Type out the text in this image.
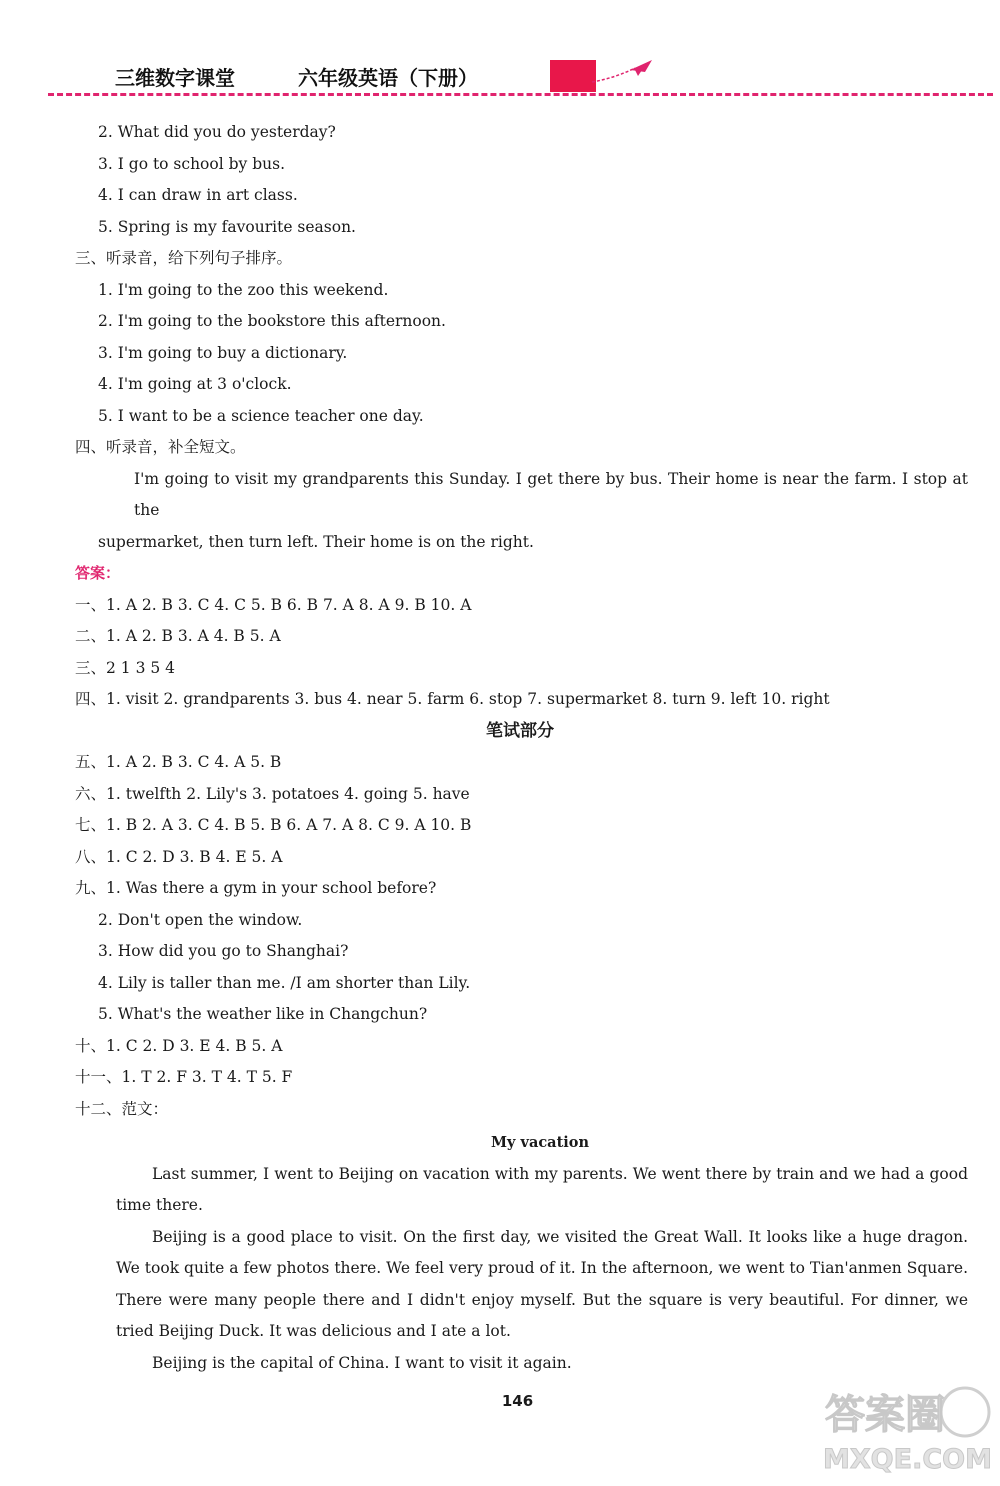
三维数字课堂	六年级英语（下册）
2. What did you do yesterday?
3. I go to school by bus.
4. I can draw in art class.
5. Spring is my favourite season.
三、听录音，给下列句子排序。
1. I'm going to the zoo this weekend.
2. I'm going to the bookstore this afternoon.
3. I'm going to buy a dictionary.
4. I'm going at 3 o'clock.
5. I want to be a science teacher one day.
四、听录音，补全短文。
I'm going to visit my grandparents this Sunday. I get there by bus. Their home is near the farm. I stop at the
supermarket, then turn left. Their home is on the right.
答案：
一、1. A 2. B 3. C 4. C 5. B 6. B 7. A 8. A 9. B 10. A
二、1. A 2. B 3. A 4. B 5. A
三、2 1 3 5 4
四、1. visit 2. grandparents 3. bus 4. near 5. farm 6. stop 7. supermarket 8. turn 9. left 10. right
笔试部分
五、1. A 2. B 3. C 4. A 5. B
六、1. twelfth 2. Lily's 3. potatoes 4. going 5. have
七、1. B 2. A 3. C 4. B 5. B 6. A 7. A 8. C 9. A 10. B
八、1. C 2. D 3. B 4. E 5. A
九、1. Was there a gym in your school before?
2. Don't open the window.
3. How did you go to Shanghai?
4. Lily is taller than me. /I am shorter than Lily.
5. What's the weather like in Changchun?
十、1. C 2. D 3. E 4. B 5. A
十一、1. T 2. F 3. T 4. T 5. F
十二、范文：
My vacation
Last summer, I went to Beijing on vacation with my parents. We went there by train and we had a good time there.
Beijing is a good place to visit. On the first day, we visited the Great Wall. It looks like a huge dragon. We took quite a few photos there. We feel very proud of it. In the afternoon, we went to Tian'anmen Square. There were many people there and I didn't enjoy myself. But the square is very beautiful. For dinner, we tried Beijing Duck. It was delicious and I ate a lot.
Beijing is the capital of China. I want to visit it again.
146	答案圈
MXQE.COM
